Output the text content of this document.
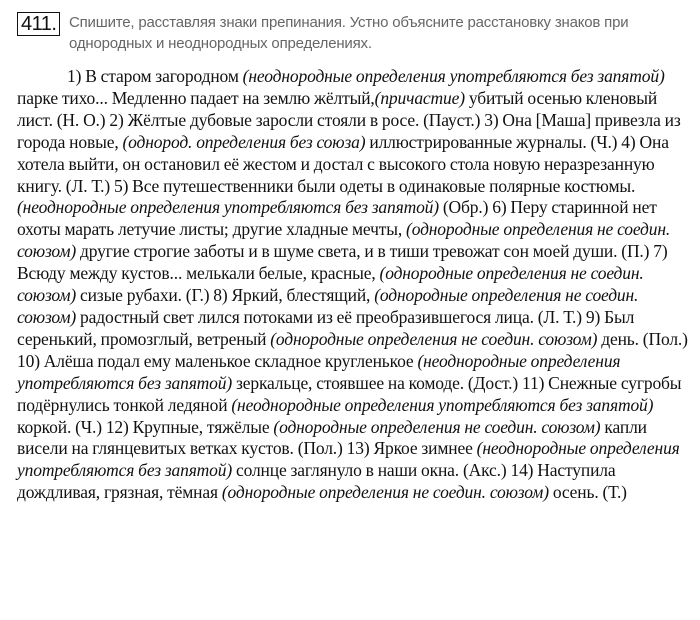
411. Спишите, расставляя знаки препинания. Устно объясните расстановку знаков при однородных и неоднородных определениях.
1) В старом загородном (неоднородные определения употребляются без запятой) парке тихо... Медленно падает на землю жёлтый,(причастие) убитый осенью кленовый лист. (Н. О.) 2) Жёлтые дубовые заросли стояли в росе. (Пауст.) 3) Она [Маша] привезла из города новые, (однород. определения без союза) иллюстрированные журналы. (Ч.) 4) Она хотела выйти, он остановил её жестом и достал с высокого стола новую неразрезанную книгу. (Л. Т.) 5) Все путешественники были одеты в одинаковые полярные костюмы. (неоднородные определения употребляются без запятой) (Обр.) 6) Перу старинной нет охоты марать летучие листы; другие хладные мечты, (однородные определения не соедин. союзом) другие строгие заботы и в шуме света, и в тиши тревожат сон моей души. (П.) 7) Всюду между кустов... мелькали белые, красные, (однородные определения не соедин. союзом) сизые рубахи. (Г.) 8) Яркий, блестящий, (однородные определения не соедин. союзом) радостный свет лился потоками из её преобразившегося лица. (Л. Т.) 9) Был серенький, промозглый, ветреный (однородные определения не соедин. союзом) день. (Пол.) 10) Алёша подал ему маленькое складное кругленькое (неоднородные определения употребляются без запятой) зеркальце, стоявшее на комоде. (Дост.) 11) Снежные сугробы подёрнулись тонкой ледяной (неоднородные определения употребляются без запятой) коркой. (Ч.) 12) Крупные, тяжёлые (однородные определения не соедин. союзом) капли висели на глянцевитых ветках кустов. (Пол.) 13) Яркое зимнее (неоднородные определения употребляются без запятой) солнце заглянуло в наши окна. (Акс.) 14) Наступила дождливая, грязная, тёмная (однородные определения не соедин. союзом) осень. (Т.)
